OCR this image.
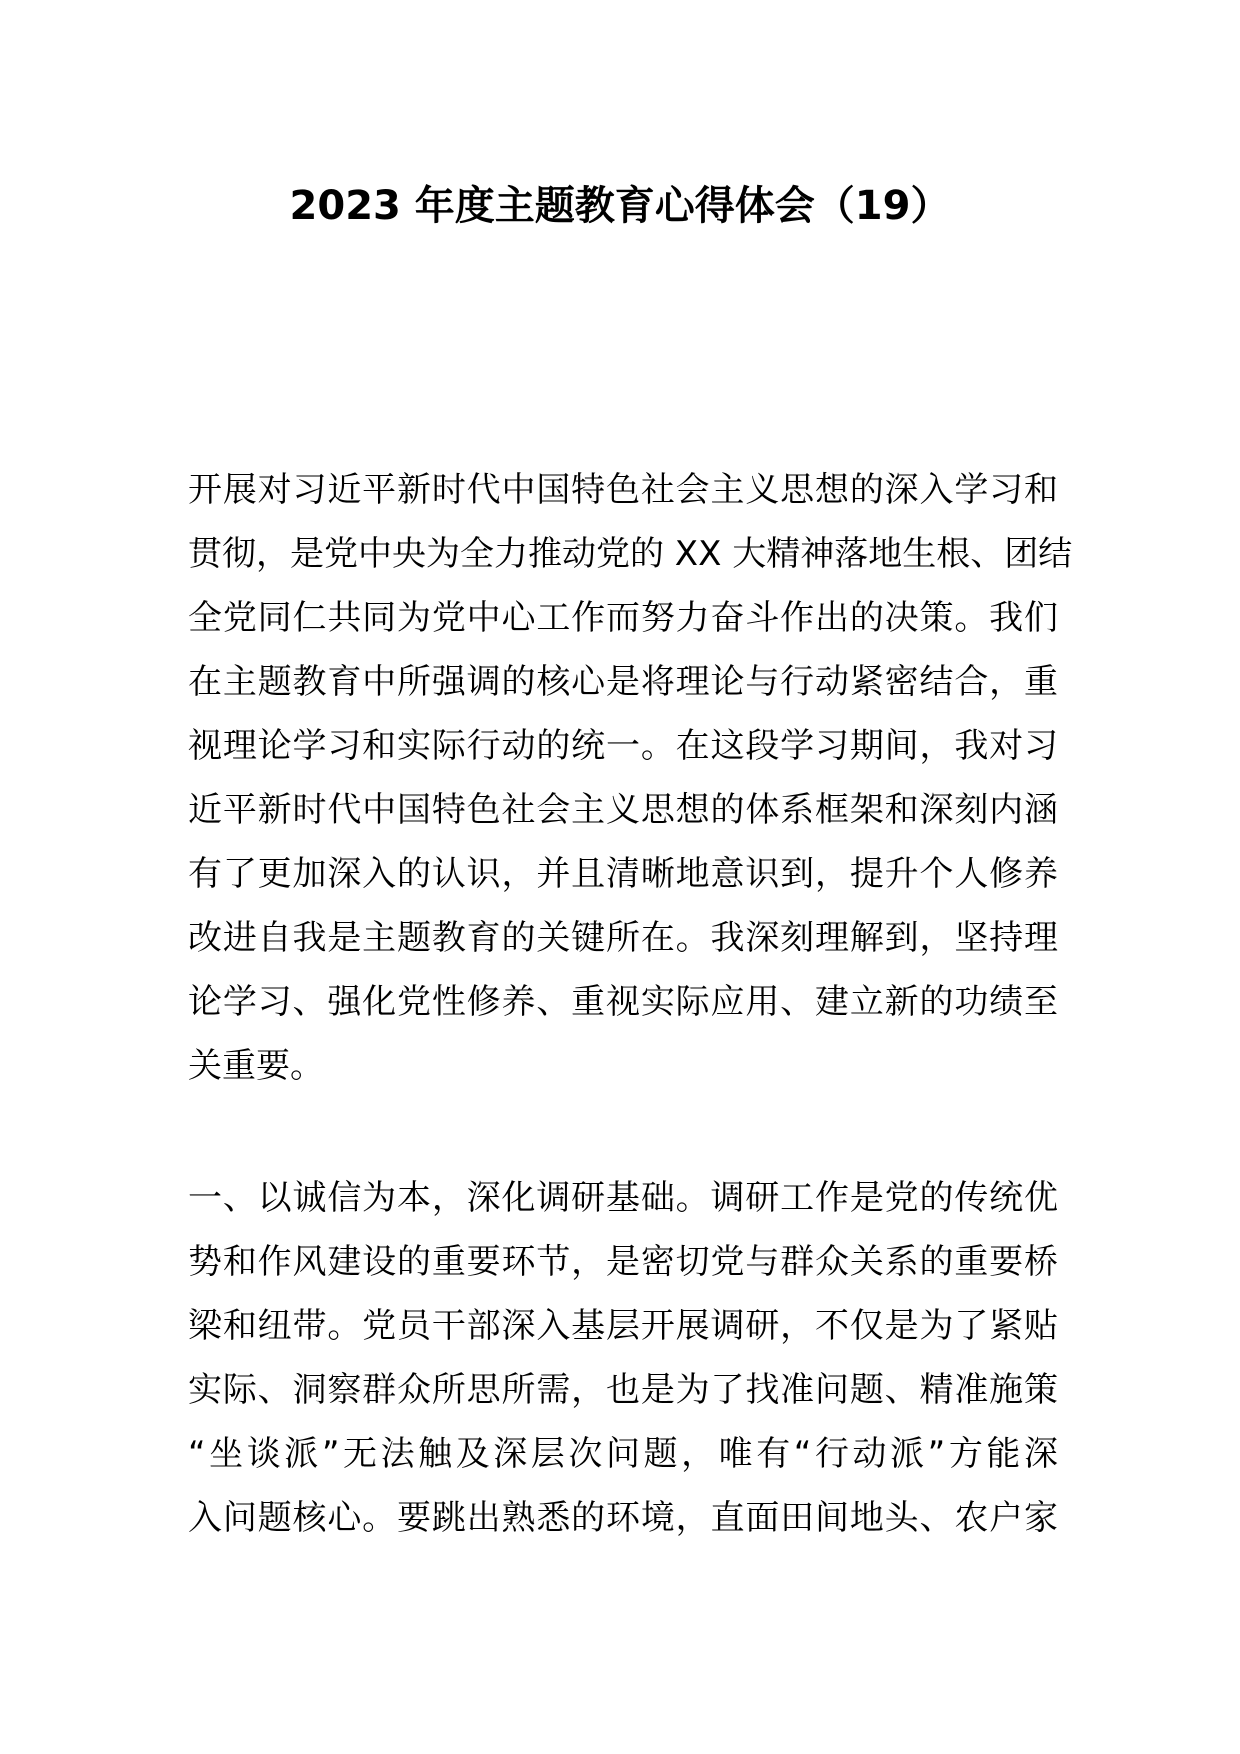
2023 年度主题教育心得体会（19）
开展对习近平新时代中国特色社会主义思想的深入学习和
贯彻，是党中央为全力推动党的 XX 大精神落地生根、团结
全党同仁共同为党中心工作而努力奋斗作出的决策。我们
在主题教育中所强调的核心是将理论与行动紧密结合，重
视理论学习和实际行动的统一。在这段学习期间，我对习
近平新时代中国特色社会主义思想的体系框架和深刻内涵
有了更加深入的认识，并且清晰地意识到，提升个人修养
改进自我是主题教育的关键所在。我深刻理解到，坚持理
论学习、强化党性修养、重视实际应用、建立新的功绩至
关重要。
一、以诚信为本，深化调研基础。调研工作是党的传统优
势和作风建设的重要环节，是密切党与群众关系的重要桥
梁和纽带。党员干部深入基层开展调研，不仅是为了紧贴
实际、洞察群众所思所需，也是为了找准问题、精准施策
“坐谈派”无法触及深层次问题，唯有“行动派”方能深
入问题核心。要跳出熟悉的环境，直面田间地头、农户家
